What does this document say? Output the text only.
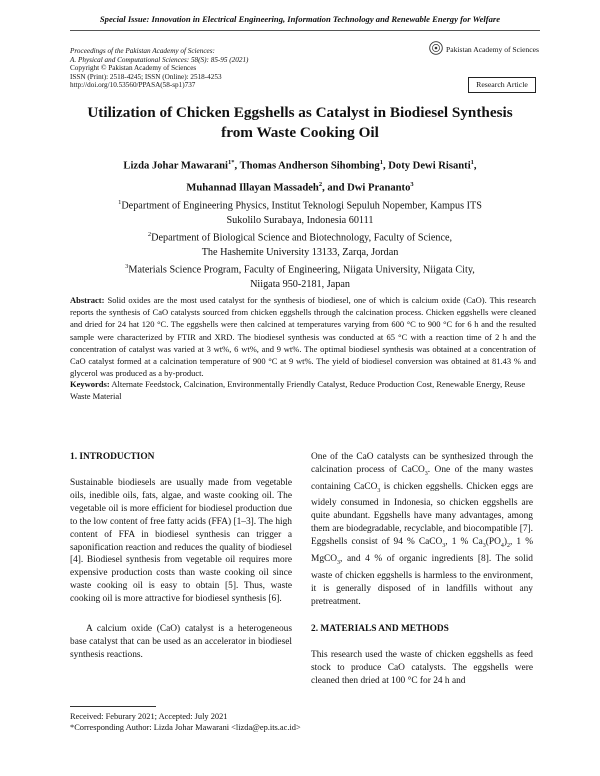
Special Issue: Innovation in Electrical Engineering, Information Technology and Renewable Energy for Welfare
Proceedings of the Pakistan Academy of Sciences:
A. Physical and Computational Sciences: 58(S): 85-95 (2021)
Copyright © Pakistan Academy of Sciences
ISSN (Print): 2518-4245; ISSN (Online): 2518-4253
http://doi.org/10.53560/PPASA(58-sp1)737
Pakistan Academy of Sciences
Research Article
Utilization of Chicken Eggshells as Catalyst in Biodiesel Synthesis
from Waste Cooking Oil
Lizda Johar Mawarani$^{1*}$, Thomas Andherson Sihombing$^1$, Doty Dewi Risanti$^1$,
Muhannad Illayan Massadeh$^2$, and Dwi Prananto$^3$
$^1$Department of Engineering Physics, Institut Teknologi Sepuluh Nopember, Kampus ITS
Sukolilo Surabaya, Indonesia 60111
$^2$Department of Biological Science and Biotechnology, Faculty of Science,
The Hashemite University 13133, Zarqa, Jordan
$^3$Materials Science Program, Faculty of Engineering, Niigata University, Niigata City,
Niigata 950-2181, Japan
Abstract: Solid oxides are the most used catalyst for the synthesis of biodiesel, one of which is calcium oxide (CaO). This research reports the synthesis of CaO catalysts sourced from chicken eggshells through the calcination process. Chicken eggshells were cleaned and dried for 24 hat 120 °C. The eggshells were then calcined at temperatures varying from 600 °C to 900 °C for 6 h and the resulted sample were characterized by FTIR and XRD. The biodiesel synthesis was conducted at 65 °C with a reaction time of 2 h and the concentration of catalyst was varied at 3 wt%, 6 wt%, and 9 wt%. The optimal biodiesel synthesis was obtained at a concentration of CaO catalyst formed at a calcination temperature of 900 °C at 9 wt%. The yield of biodiesel conversion was obtained at 81.43 % and glycerol was produced as a by-product.
Keywords: Alternate Feedstock, Calcination, Environmentally Friendly Catalyst, Reduce Production Cost, Renewable Energy, Reuse Waste Material
1. INTRODUCTION
Sustainable biodiesels are usually made from vegetable oils, inedible oils, fats, algae, and waste cooking oil. The vegetable oil is more efficient for biodiesel production due to the low content of free fatty acids (FFA) [1–3]. The high content of FFA in biodiesel synthesis can trigger a saponification reaction and reduces the quality of biodiesel [4]. Biodiesel synthesis from vegetable oil requires more expensive production costs than waste cooking oil since waste cooking oil is easy to obtain [5]. Thus, waste cooking oil is more attractive for biodiesel synthesis [6].
A calcium oxide (CaO) catalyst is a heterogeneous base catalyst that can be used as an accelerator in biodiesel synthesis reactions.
One of the CaO catalysts can be synthesized through the calcination process of CaCO$_3$. One of the many wastes containing CaCO$_3$ is chicken eggshells. Chicken eggs are widely consumed in Indonesia, so chicken eggshells are quite abundant. Eggshells have many advantages, among them are biodegradable, recyclable, and biocompatible [7]. Eggshells consist of 94 % CaCO$_3$, 1 % $Ca_3(PO_4)_2$, 1 % MgCO$_3$, and 4 % of organic ingredients [8]. The solid waste of chicken eggshells is harmless to the environment, it is generally disposed of in landfills without any pretreatment.
2. MATERIALS AND METHODS
This research used the waste of chicken eggshells as feed stock to produce CaO catalysts. The eggshells were cleaned then dried at 100 °C for 24 h and
Received: Feburary 2021; Accepted: July 2021
*Corresponding Author: Lizda Johar Mawarani <lizda@ep.its.ac.id>
